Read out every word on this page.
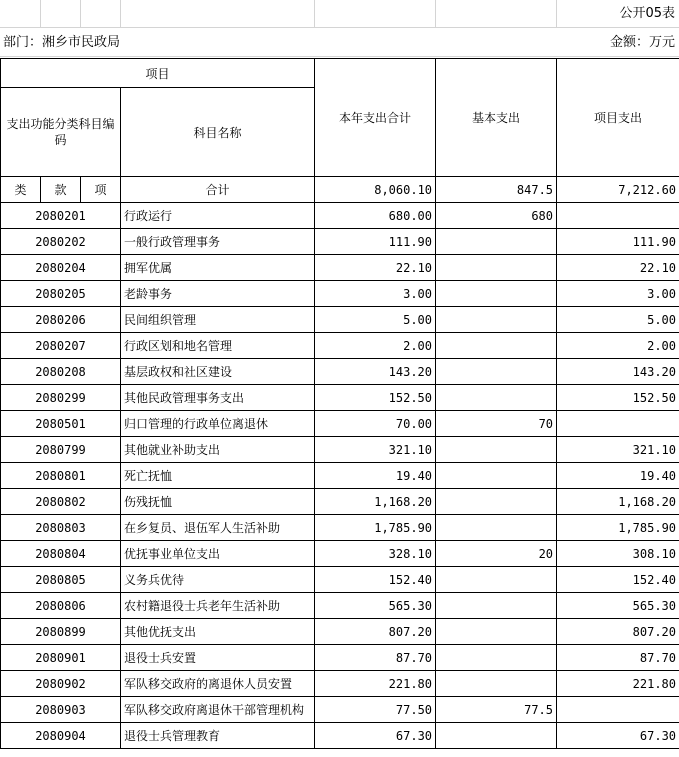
公开05表
部门：湘乡市民政局	金额：万元
项目				本年支出合计	基本支出	项目支出
支出功能分类科目编码			科目名称			
类	款	项	合计	8,060.10	847.5	7,212.60
2080201			行政运行	680.00	680	
2080202			一般行政管理事务	111.90		111.90
2080204			拥军优属	22.10		22.10
2080205			老龄事务	3.00		3.00
2080206			民间组织管理	5.00		5.00
2080207			行政区划和地名管理	2.00		2.00
2080208			基层政权和社区建设	143.20		143.20
2080299			其他民政管理事务支出	152.50		152.50
2080501			归口管理的行政单位离退休	70.00	70	
2080799			其他就业补助支出	321.10		321.10
2080801			死亡抚恤	19.40		19.40
2080802			伤残抚恤	1,168.20		1,168.20
2080803			在乡复员、退伍军人生活补助	1,785.90		1,785.90
2080804			优抚事业单位支出	328.10	20	308.10
2080805			义务兵优待	152.40		152.40
2080806			农村籍退役士兵老年生活补助	565.30		565.30
2080899			其他优抚支出	807.20		807.20
2080901			退役士兵安置	87.70		87.70
2080902			军队移交政府的离退休人员安置	221.80		221.80
2080903			军队移交政府离退休干部管理机构	77.50	77.5	
2080904			退役士兵管理教育	67.30		67.30
